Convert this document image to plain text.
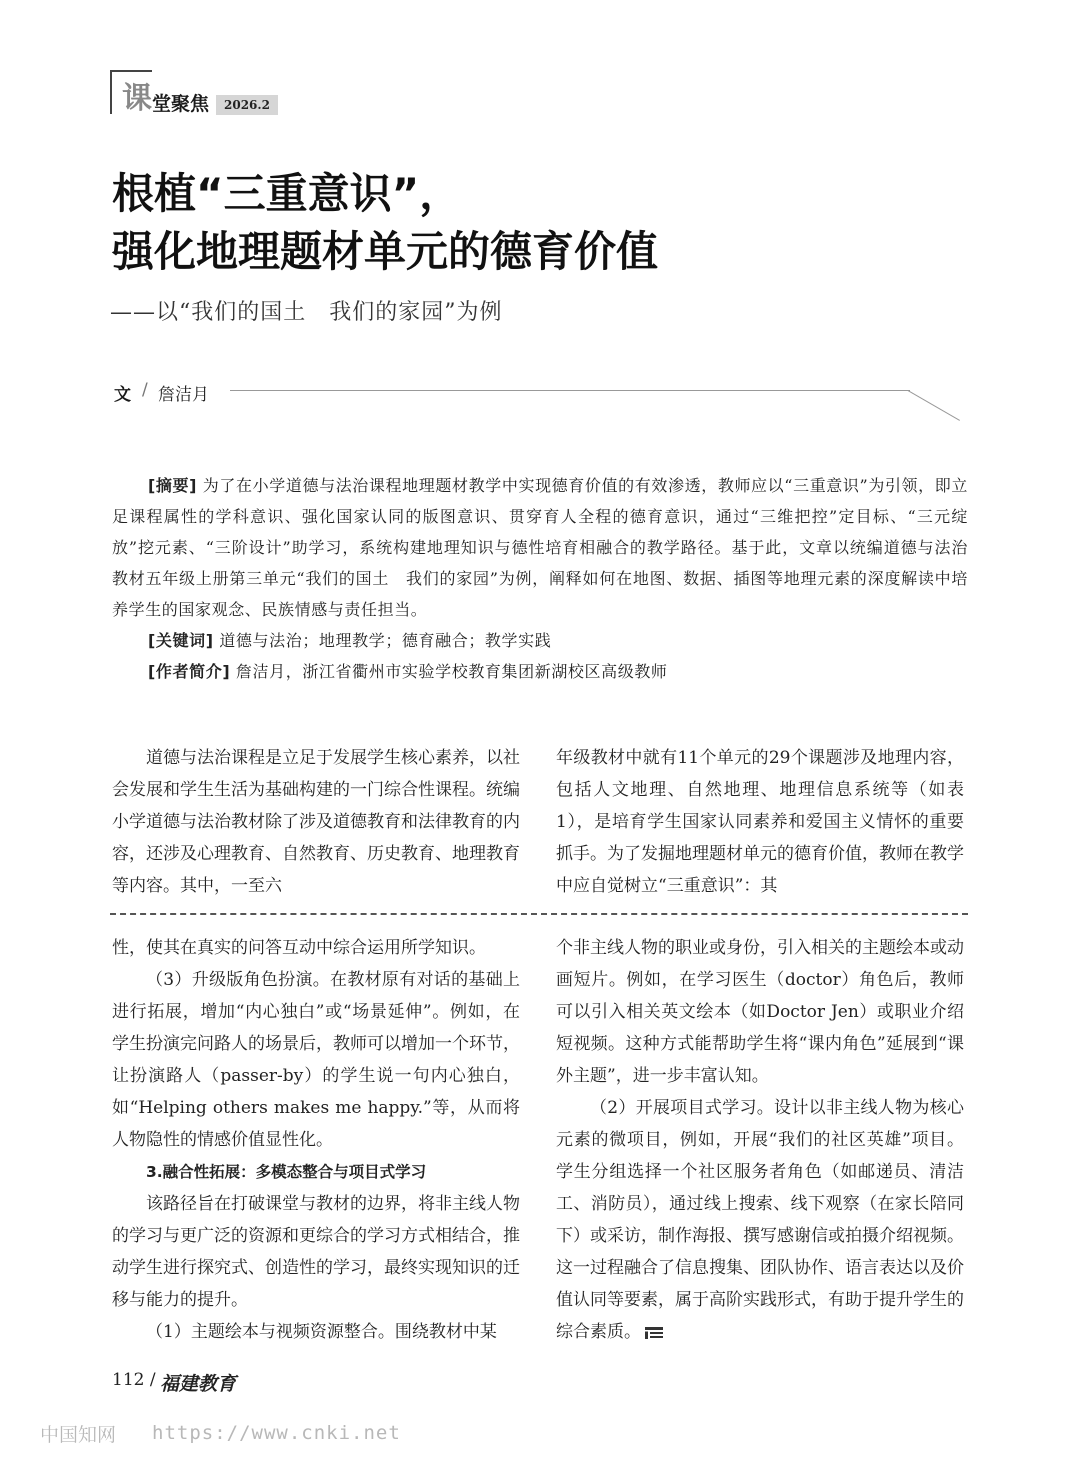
课 堂聚焦	2026.2
根植“三重意识”，
强化地理题材单元的德育价值
——以“我们的国土　我们的家园”为例
文 / 詹洁月

[摘要] 为了在小学道德与法治课程地理题材教学中实现德育价值的有效渗透，教师应以“三重意识”为引领，即立足课程属性的学科意识、强化国家认同的版图意识、贯穿育人全程的德育意识，通过“三维把控”定目标、“三元绽放”挖元素、“三阶设计”助学习，系统构建地理知识与德性培育相融合的教学路径。基于此，文章以统编道德与法治教材五年级上册第三单元“我们的国土　我们的家园”为例，阐释如何在地图、数据、插图等地理元素的深度解读中培养学生的国家观念、民族情感与责任担当。

[关键词] 道德与法治；地理教学；德育融合；教学实践

[作者简介] 詹洁月，浙江省衢州市实验学校教育集团新湖校区高级教师

道德与法治课程是立足于发展学生核心素养，以社会发展和学生生活为基础构建的一门综合性课程。统编小学道德与法治教材除了涉及道德教育和法律教育的内容，还涉及心理教育、自然教育、历史教育、地理教育等内容。其中，一至六

年级教材中就有11个单元的29个课题涉及地理内容，包括人文地理、自然地理、地理信息系统等（如表1），是培育学生国家认同素养和爱国主义情怀的重要抓手。为了发掘地理题材单元的德育价值，教师在教学中应自觉树立“三重意识”：其

性，使其在真实的问答互动中综合运用所学知识。

（3）升级版角色扮演。在教材原有对话的基础上进行拓展，增加“内心独白”或“场景延伸”。例如，在学生扮演完问路人的场景后，教师可以增加一个环节，让扮演路人（passer-by）的学生说一句内心独白，如“Helping others makes me happy.”等，从而将人物隐性的情感价值显性化。

3.融合性拓展：多模态整合与项目式学习

该路径旨在打破课堂与教材的边界，将非主线人物的学习与更广泛的资源和更综合的学习方式相结合，推动学生进行探究式、创造性的学习，最终实现知识的迁移与能力的提升。

（1）主题绘本与视频资源整合。围绕教材中某

个非主线人物的职业或身份，引入相关的主题绘本或动画短片。例如，在学习医生（doctor）角色后，教师可以引入相关英文绘本（如Doctor Jen）或职业介绍短视频。这种方式能帮助学生将“课内角色”延展到“课外主题”，进一步丰富认知。

（2）开展项目式学习。设计以非主线人物为核心元素的微项目，例如，开展“我们的社区英雄”项目。学生分组选择一个社区服务者角色（如邮递员、清洁工、消防员），通过线上搜索、线下观察（在家长陪同下）或采访，制作海报、撰写感谢信或拍摄介绍视频。这一过程融合了信息搜集、团队协作、语言表达以及价值认同等要素，属于高阶实践形式，有助于提升学生的综合素质。

112 / 福建教育
中国知网 https://www.cnki.net
